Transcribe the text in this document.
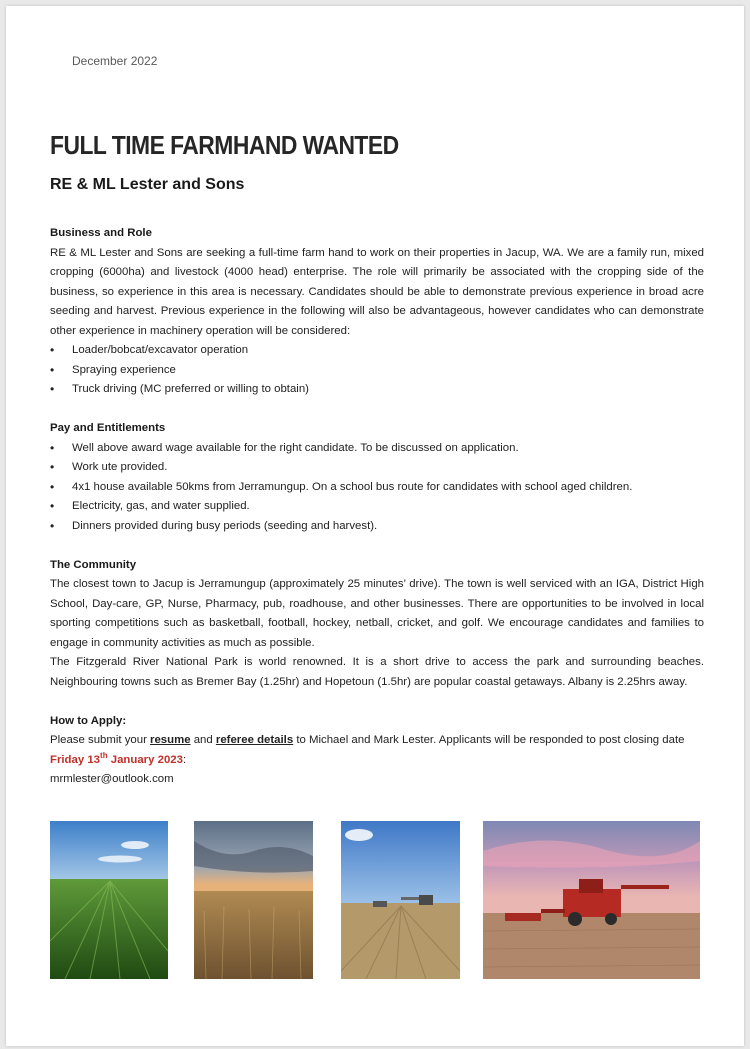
December 2022
FULL TIME FARMHAND WANTED
RE & ML Lester and Sons
Business and Role

RE & ML Lester and Sons are seeking a full-time farm hand to work on their properties in Jacup, WA. We are a family run, mixed cropping (6000ha) and livestock (4000 head) enterprise. The role will primarily be associated with the cropping side of the business, so experience in this area is necessary. Candidates should be able to demonstrate previous experience in broad acre seeding and harvest. Previous experience in the following will also be advantageous, however candidates who can demonstrate other experience in machinery operation will be considered:

• Loader/bobcat/excavator operation
• Spraying experience
• Truck driving (MC preferred or willing to obtain)
Pay and Entitlements
• Well above award wage available for the right candidate. To be discussed on application.
• Work ute provided.
• 4x1 house available 50kms from Jerramungup. On a school bus route for candidates with school aged children.
• Electricity, gas, and water supplied.
• Dinners provided during busy periods (seeding and harvest).
The Community

The closest town to Jacup is Jerramungup (approximately 25 minutes’ drive). The town is well serviced with an IGA, District High School, Day-care, GP, Nurse, Pharmacy, pub, roadhouse, and other businesses. There are opportunities to be involved in local sporting competitions such as basketball, football, hockey, netball, cricket, and golf. We encourage candidates and families to engage in community activities as much as possible.

The Fitzgerald River National Park is world renowned. It is a short drive to access the park and surrounding beaches. Neighbouring towns such as Bremer Bay (1.25hr) and Hopetoun (1.5hr) are popular coastal getaways. Albany is 2.25hrs away.

How to Apply:

Please submit your resume and referee details to Michael and Mark Lester. Applicants will be responded to post closing date Friday 13th January 2023:

mrmlester@outlook.com
